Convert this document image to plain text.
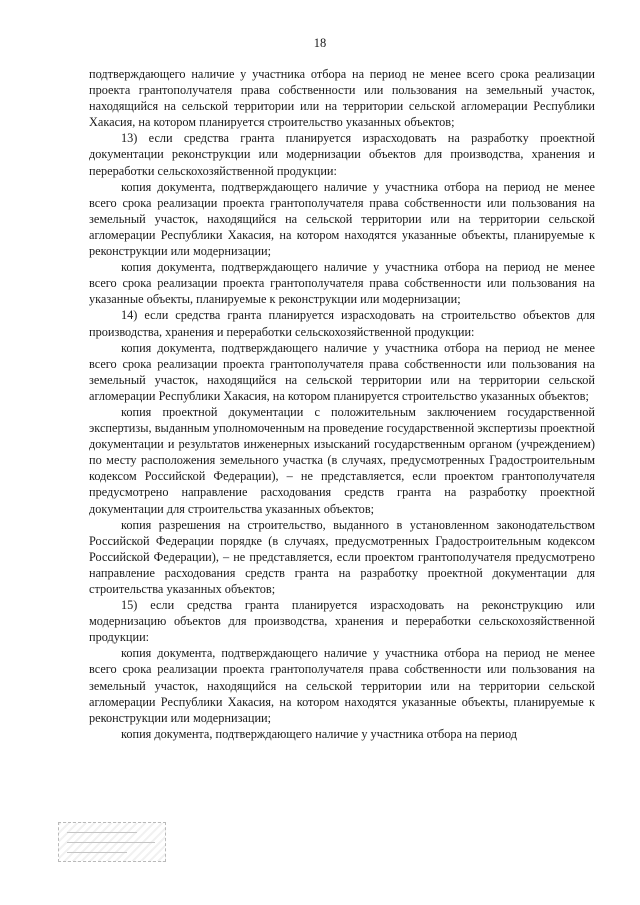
18

подтверждающего наличие у участника отбора на период не менее всего срока реализации проекта грантополучателя права собственности или пользования на земельный участок, находящийся на сельской территории или на территории сельской агломерации Республики Хакасия, на котором планируется строительство указанных объектов;

13) если средства гранта планируется израсходовать на разработку проектной документации реконструкции или модернизации объектов для производства, хранения и переработки сельскохозяйственной продукции:

копия документа, подтверждающего наличие у участника отбора на период не менее всего срока реализации проекта грантополучателя права собственности или пользования на земельный участок, находящийся на сельской территории или на территории сельской агломерации Республики Хакасия, на котором находятся указанные объекты, планируемые к реконструкции или модернизации;

копия документа, подтверждающего наличие у участника отбора на период не менее всего срока реализации проекта грантополучателя права собственности или пользования на указанные объекты, планируемые к реконструкции или модернизации;

14) если средства гранта планируется израсходовать на строительство объектов для производства, хранения и переработки сельскохозяйственной продукции:

копия документа, подтверждающего наличие у участника отбора на период не менее всего срока реализации проекта грантополучателя права собственности или пользования на земельный участок, находящийся на сельской территории или на территории сельской агломерации Республики Хакасия, на котором планируется строительство указанных объектов;

копия проектной документации с положительным заключением государственной экспертизы, выданным уполномоченным на проведение государственной экспертизы проектной документации и результатов инженерных изысканий государственным органом (учреждением) по месту расположения земельного участка (в случаях, предусмотренных Градостроительным кодексом Российской Федерации), – не представляется, если проектом грантополучателя предусмотрено направление расходования средств гранта на разработку проектной документации для строительства указанных объектов;

копия разрешения на строительство, выданного в установленном законодательством Российской Федерации порядке (в случаях, предусмотренных Градостроительным кодексом Российской Федерации), – не представляется, если проектом грантополучателя предусмотрено направление расходования средств гранта на разработку проектной документации для строительства указанных объектов;

15) если средства гранта планируется израсходовать на реконструкцию или модернизацию объектов для производства, хранения и переработки сельскохозяйственной продукции:

копия документа, подтверждающего наличие у участника отбора на период не менее всего срока реализации проекта грантополучателя права собственности или пользования на земельный участок, находящийся на сельской территории или на территории сельской агломерации Республики Хакасия, на котором находятся указанные объекты, планируемые к реконструкции или модернизации;

копия документа, подтверждающего наличие у участника отбора на период
